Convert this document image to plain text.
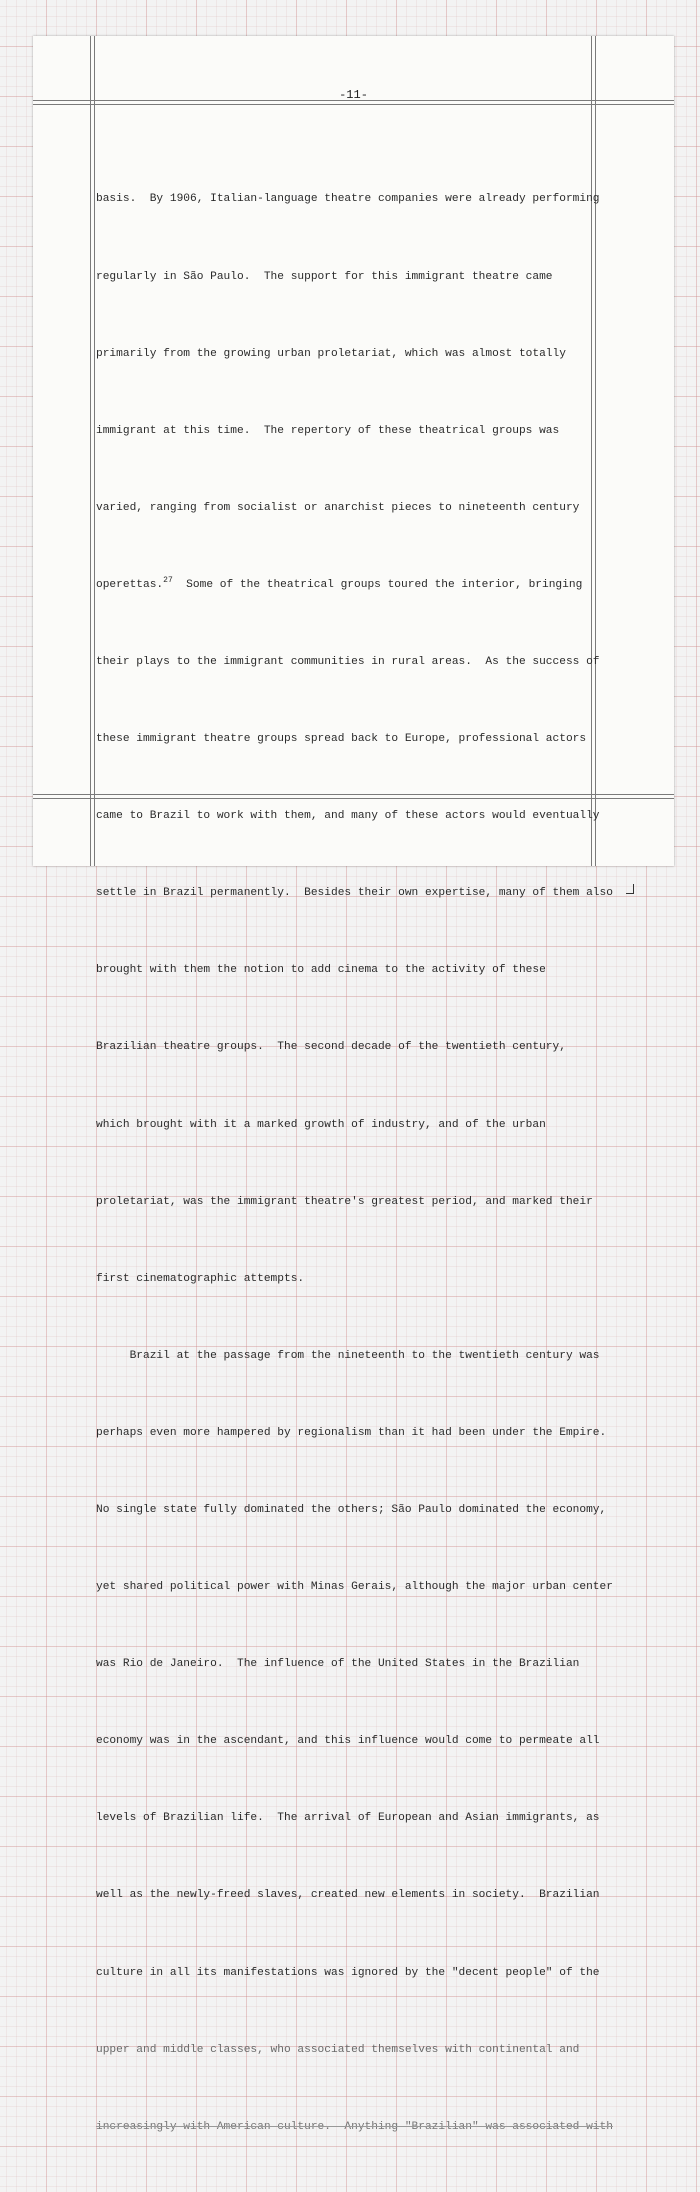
-11-

basis.  By 1906, Italian-language theatre companies were already performing

regularly in São Paulo.  The support for this immigrant theatre came

primarily from the growing urban proletariat, which was almost totally

immigrant at this time.  The repertory of these theatrical groups was

varied, ranging from socialist or anarchist pieces to nineteenth century

operettas.$^{27}$  Some of the theatrical groups toured the interior, bringing

their plays to the immigrant communities in rural areas.  As the success of

these immigrant theatre groups spread back to Europe, professional actors

came to Brazil to work with them, and many of these actors would eventually

settle in Brazil permanently.  Besides their own expertise, many of them also

brought with them the notion to add cinema to the activity of these

Brazilian theatre groups.  The second decade of the twentieth century,

which brought with it a marked growth of industry, and of the urban

proletariat, was the immigrant theatre's greatest period, and marked their

first cinematographic attempts.

Brazil at the passage from the nineteenth to the twentieth century was

perhaps even more hampered by regionalism than it had been under the Empire.

No single state fully dominated the others; São Paulo dominated the economy,

yet shared political power with Minas Gerais, although the major urban center

was Rio de Janeiro.  The influence of the United States in the Brazilian

economy was in the ascendant, and this influence would come to permeate all

levels of Brazilian life.  The arrival of European and Asian immigrants, as

well as the newly-freed slaves, created new elements in society.  Brazilian

culture in all its manifestations was ignored by the "decent people" of the

upper and middle classes, who associated themselves with continental and

increasingly with American culture.  Anything "Brazilian" was associated with
